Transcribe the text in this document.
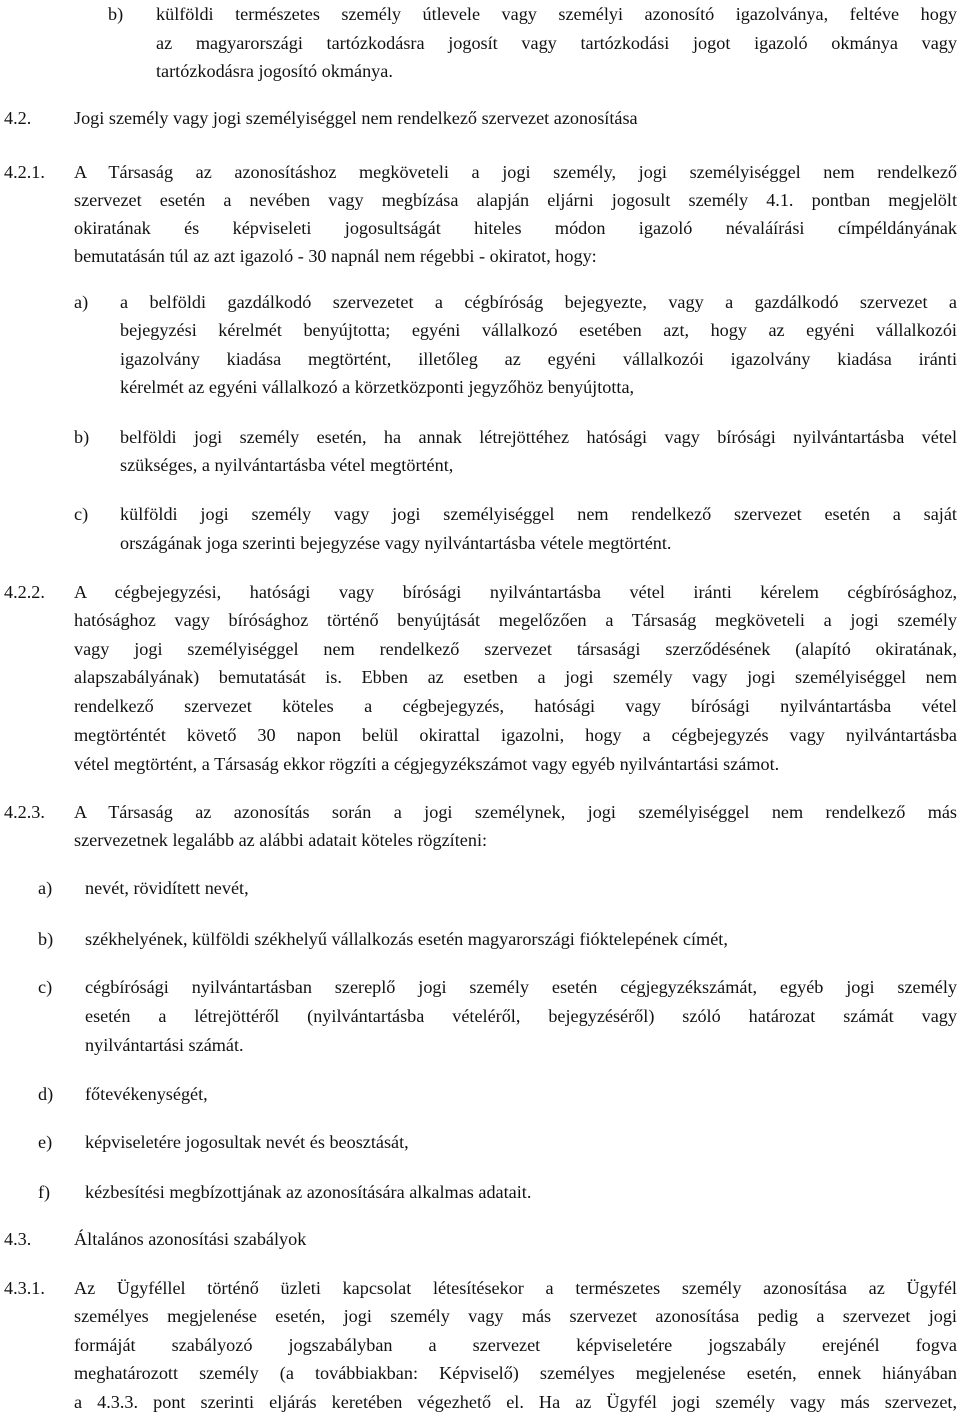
b) külföldi természetes személy útlevele vagy személyi azonosító igazolványa, feltéve hogy
az magyarországi tartózkodásra jogosít vagy tartózkodási jogot igazoló okmánya vagy
tartózkodásra jogosító okmánya.
4.2. Jogi személy vagy jogi személyiséggel nem rendelkező szervezet azonosítása
4.2.1. A Társaság az azonosításhoz megköveteli a jogi személy, jogi személyiséggel nem rendelkező
szervezet esetén a nevében vagy megbízása alapján eljárni jogosult személy 4.1. pontban megjelölt
okiratának és képviseleti jogosultságát hiteles módon igazoló névaláírási címpéldányának
bemutatásán túl az azt igazoló - 30 napnál nem régebbi - okiratot, hogy:
a) a belföldi gazdálkodó szervezetet a cégbíróság bejegyezte, vagy a gazdálkodó szervezet a
bejegyzési kérelmét benyújtotta; egyéni vállalkozó esetében azt, hogy az egyéni vállalkozói
igazolvány kiadása megtörtént, illetőleg az egyéni vállalkozói igazolvány kiadása iránti
kérelmét az egyéni vállalkozó a körzetközponti jegyzőhöz benyújtotta,
b) belföldi jogi személy esetén, ha annak létrejöttéhez hatósági vagy bírósági nyilvántartásba vétel
szükséges, a nyilvántartásba vétel megtörtént,
c) külföldi jogi személy vagy jogi személyiséggel nem rendelkező szervezet esetén a saját
országának joga szerinti bejegyzése vagy nyilvántartásba vétele megtörtént.
4.2.2. A cégbejegyzési, hatósági vagy bírósági nyilvántartásba vétel iránti kérelem cégbírósághoz,
hatósághoz vagy bírósághoz történő benyújtását megelőzően a Társaság megköveteli a jogi személy
vagy jogi személyiséggel nem rendelkező szervezet társasági szerződésének (alapító okiratának,
alapszabályának) bemutatását is. Ebben az esetben a jogi személy vagy jogi személyiséggel nem
rendelkező szervezet köteles a cégbejegyzés, hatósági vagy bírósági nyilvántartásba vétel
megtörténtét követő 30 napon belül okirattal igazolni, hogy a cégbejegyzés vagy nyilvántartásba
vétel megtörtént, a Társaság ekkor rögzíti a cégjegyzékszámot vagy egyéb nyilvántartási számot.
4.2.3. A Társaság az azonosítás során a jogi személynek, jogi személyiséggel nem rendelkező más
szervezetnek legalább az alábbi adatait köteles rögzíteni:
a) nevét, rövidített nevét,
b) székhelyének, külföldi székhelyű vállalkozás esetén magyarországi fióktelepének címét,
c) cégbírósági nyilvántartásban szereplő jogi személy esetén cégjegyzékszámát, egyéb jogi személy
esetén a létrejöttéről (nyilvántartásba vételéről, bejegyzéséről) szóló határozat számát vagy
nyilvántartási számát.
d) főtevékenységét,
e) képviseletére jogosultak nevét és beosztását,
f) kézbesítési megbízottjának az azonosítására alkalmas adatait.
4.3. Általános azonosítási szabályok
4.3.1. Az Ügyféllel történő üzleti kapcsolat létesítésekor a természetes személy azonosítása az Ügyfél
személyes megjelenése esetén, jogi személy vagy más szervezet azonosítása pedig a szervezet jogi
formáját szabályozó jogszabályban a szervezet képviseletére jogszabály erejénél fogva
meghatározott személy (a továbbiakban: Képviselő) személyes megjelenése esetén, ennek hiányában
a 4.3.3. pont szerinti eljárás keretében végezhető el. Ha az Ügyfél jogi személy vagy más szervezet,
